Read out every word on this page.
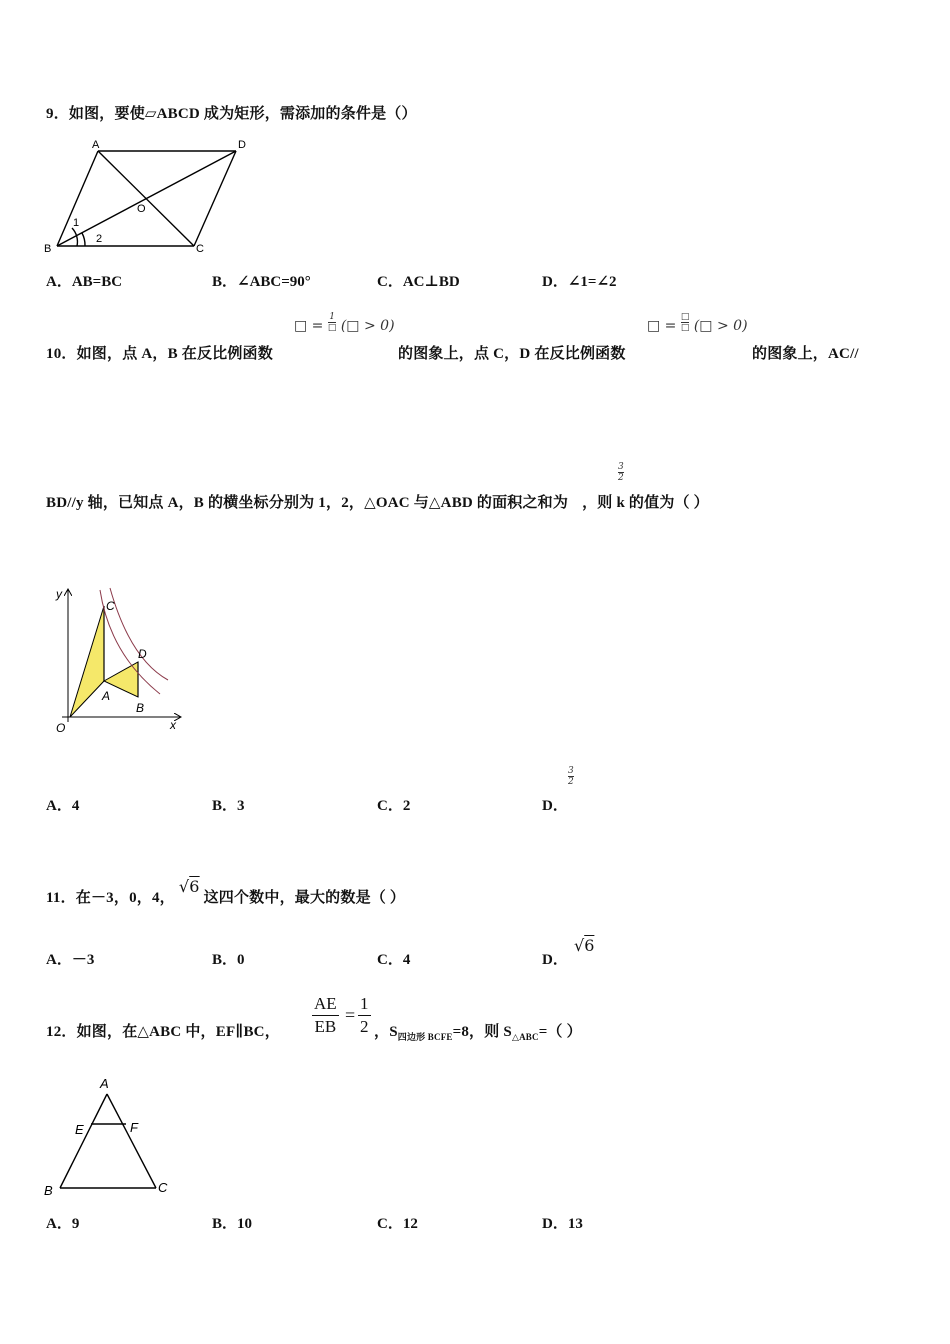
9．如图，要使▱ABCD 成为矩形，需添加的条件是（）
A	D
B	C
O
1
2
A．AB=BC	B．∠ABC=90°	C．AC⊥BD	D．∠1=∠2
□ = $\frac{1}{□}$ (□ > 0)	□ = $\frac{□}{□}$ (□ > 0)
10．如图，点 A，B 在反比例函数	的图象上，点 C，D 在反比例函数	的图象上，AC//
$\frac{3}{2}$
BD//y 轴，已知点 A，B 的横坐标分别为 1，2，△OAC 与△ABD 的面积之和为 ，则 k 的值为（ ）
y
x
O
C
D
A
B
A．4	B．3	C．2	D．
$\frac{3}{2}$
11．在－3，0，4， √6 这四个数中，最大的数是（ ）
A．－3	B．0	C．4	D．
√6
12．如图，在△ABC 中，EF∥BC， $\frac{AE}{EB} = \frac{1}{2}$ ，$S_{四边形 BCFE}=8$，则 $S_{\triangle ABC}=$（ ）
A
E	F
B	C
A．9	B．10	C．12	D．13
